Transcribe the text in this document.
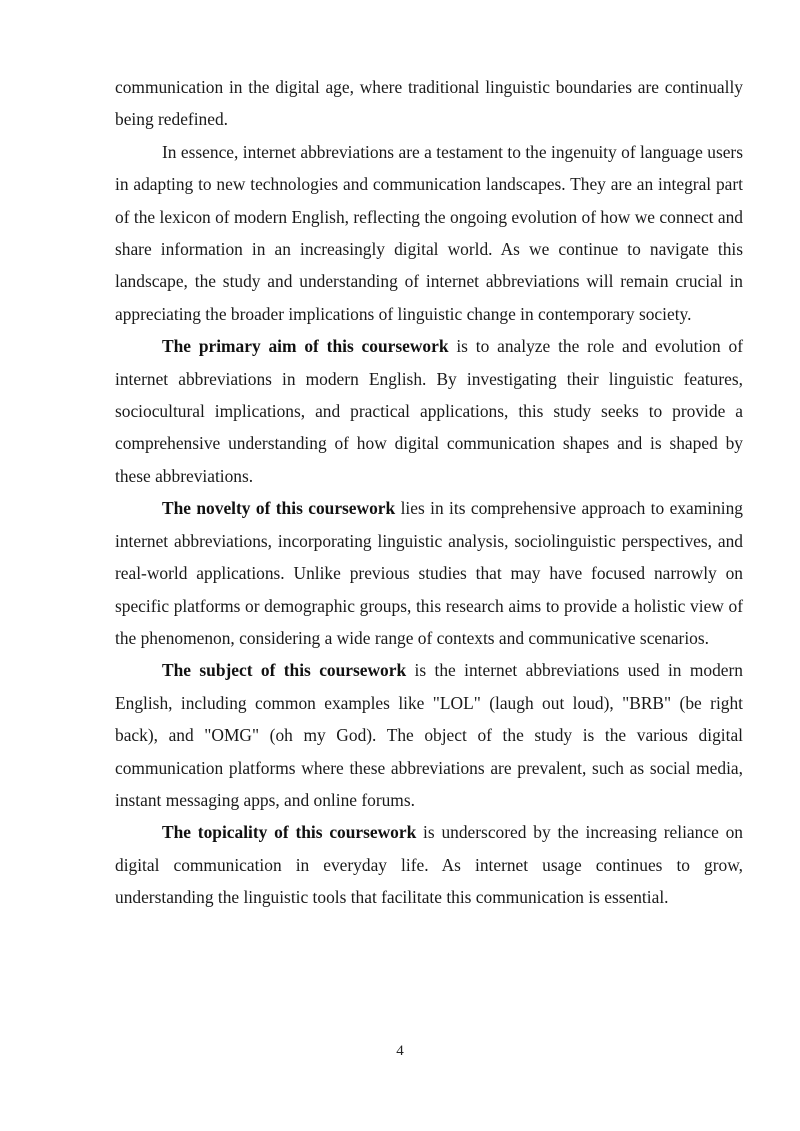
communication in the digital age, where traditional linguistic boundaries are continually being redefined.

In essence, internet abbreviations are a testament to the ingenuity of language users in adapting to new technologies and communication landscapes. They are an integral part of the lexicon of modern English, reflecting the ongoing evolution of how we connect and share information in an increasingly digital world. As we continue to navigate this landscape, the study and understanding of internet abbreviations will remain crucial in appreciating the broader implications of linguistic change in contemporary society.

The primary aim of this coursework is to analyze the role and evolution of internet abbreviations in modern English. By investigating their linguistic features, sociocultural implications, and practical applications, this study seeks to provide a comprehensive understanding of how digital communication shapes and is shaped by these abbreviations.

The novelty of this coursework lies in its comprehensive approach to examining internet abbreviations, incorporating linguistic analysis, sociolinguistic perspectives, and real-world applications. Unlike previous studies that may have focused narrowly on specific platforms or demographic groups, this research aims to provide a holistic view of the phenomenon, considering a wide range of contexts and communicative scenarios.

The subject of this coursework is the internet abbreviations used in modern English, including common examples like "LOL" (laugh out loud), "BRB" (be right back), and "OMG" (oh my God). The object of the study is the various digital communication platforms where these abbreviations are prevalent, such as social media, instant messaging apps, and online forums.

The topicality of this coursework is underscored by the increasing reliance on digital communication in everyday life. As internet usage continues to grow, understanding the linguistic tools that facilitate this communication is essential.

4
